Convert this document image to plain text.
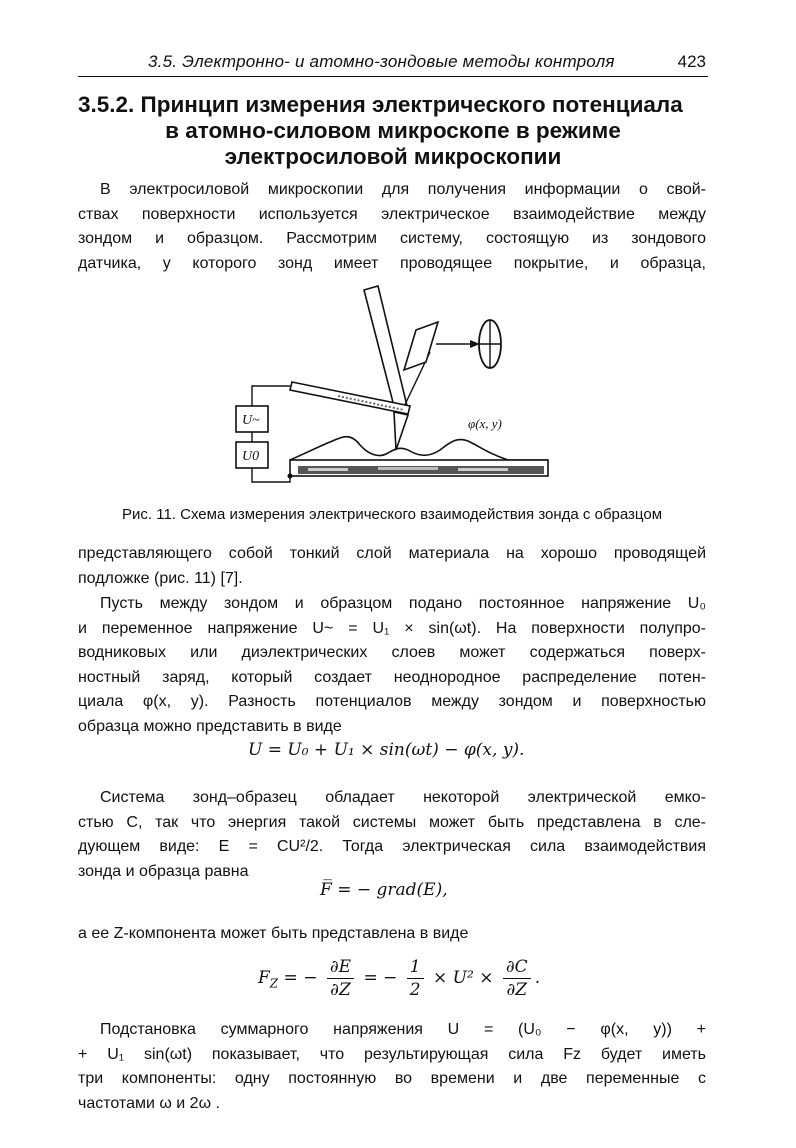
3.5. Электронно- и атомно-зондовые методы контроля	423
3.5.2. Принцип измерения электрического потенциала
в атомно-силовом микроскопе в режиме
электросиловой микроскопии
В электросиловой микроскопии для получения информации о свой-
ствах поверхности используется электрическое взаимодействие между
зондом и образцом. Рассмотрим систему, состоящую из зондового
датчика, у которого зонд имеет проводящее покрытие, и образца,
U~
U0
φ(x, y)
Рис. 11. Схема измерения электрического взаимодействия зонда с образцом
представляющего собой тонкий слой материала на хорошо проводящей
подложке (рис. 11) [7].
Пусть между зондом и образцом подано постоянное напряжение U₀
и переменное напряжение U~ = U₁ × sin(ωt). На поверхности полупро-
водниковых или диэлектрических слоев может содержаться поверх-
ностный заряд, который создает неоднородное распределение потен-
циала φ(x, y). Разность потенциалов между зондом и поверхностью
образца можно представить в виде
U = U₀ + U₁ × sin(ωt) − φ(x, y).
Система зонд–образец обладает некоторой электрической емко-
стью C, так что энергия такой системы может быть представлена в сле-
дующем виде: E = CU²/2. Тогда электрическая сила взаимодействия
зонда и образца равна
F̅ = − grad(E),
а ее Z-компонента может быть представлена в виде
$F_Z$ = − $\frac{\partial E}{\partial Z}$ = − $\frac{1}{2} \times U^2 \times \frac{\partial C}{\partial Z}$ .
Подстановка суммарного напряжения U = (U₀ − φ(x, y)) +
+ U₁ sin(ωt) показывает, что результирующая сила Fz будет иметь
три компоненты: одну постоянную во времени и две переменные с
частотами ω и 2ω .
